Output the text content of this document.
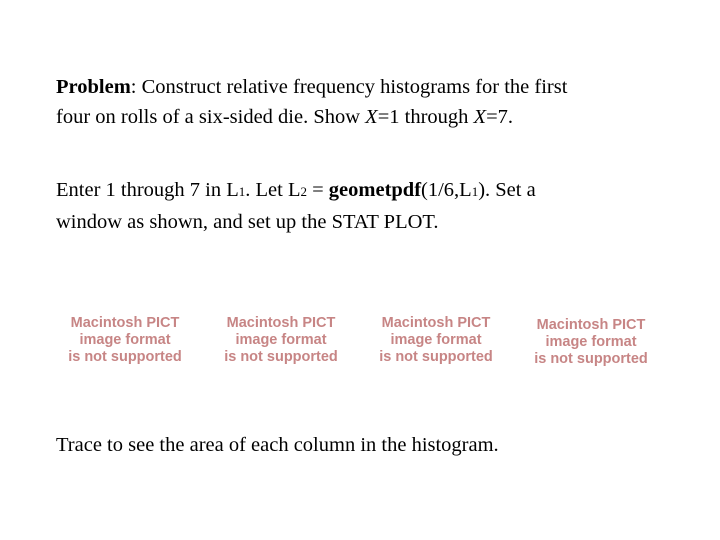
Problem: Construct relative frequency histograms for the first
four on rolls of a six-sided die. Show X=1 through X=7.

Enter 1 through 7 in L1. Let L2 = geometpdf(1/6,L1). Set a
window as shown, and set up the STAT PLOT.

Macintosh PICT
image format
is not supported
Macintosh PICT
image format
is not supported
Macintosh PICT
image format
is not supported
Macintosh PICT
image format
is not supported

Trace to see the area of each column in the histogram.
